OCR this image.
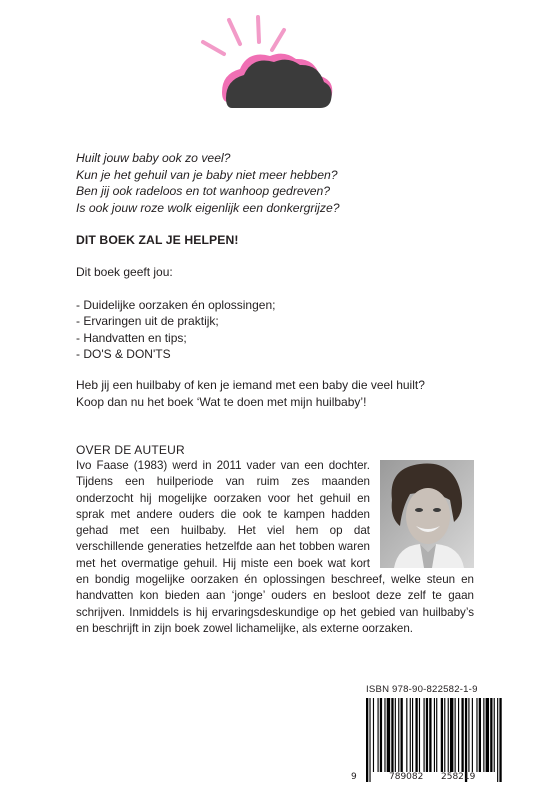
Huilt jouw baby ook zo veel?
Kun je het gehuil van je baby niet meer hebben?
Ben jij ook radeloos en tot wanhoop gedreven?
Is ook jouw roze wolk eigenlijk een donkergrijze?
DIT BOEK ZAL JE HELPEN!
Dit boek geeft jou:
- Duidelijke oorzaken én oplossingen;
- Ervaringen uit de praktijk;
- Handvatten en tips;
- DO'S & DON'TS
Heb jij een huilbaby of ken je iemand met een baby die veel huilt?
Koop dan nu het boek ‘Wat te doen met mijn huilbaby’!
OVER DE AUTEUR
Ivo Faase (1983) werd in 2011 vader van een dochter. Tijdens een huilperiode van ruim zes maanden onderzocht hij mogelijke oorzaken voor het gehuil en sprak met andere ouders die ook te kampen hadden gehad met een huilbaby. Het viel hem op dat verschillende generaties hetzelfde aan het tobben waren met het overmatige gehuil. Hij miste een boek wat kort en bondig mogelijke oorzaken én oplossingen beschreef, welke steun en handvatten kon bieden aan ‘jonge’ ouders en besloot deze zelf te gaan schrijven. Inmiddels is hij ervaringsdeskundige op het gebied van huilbaby’s en beschrijft in zijn boek zowel lichamelijke, als externe oorzaken.
ISBN 978-90-822582-1-9
9	789082 258219
